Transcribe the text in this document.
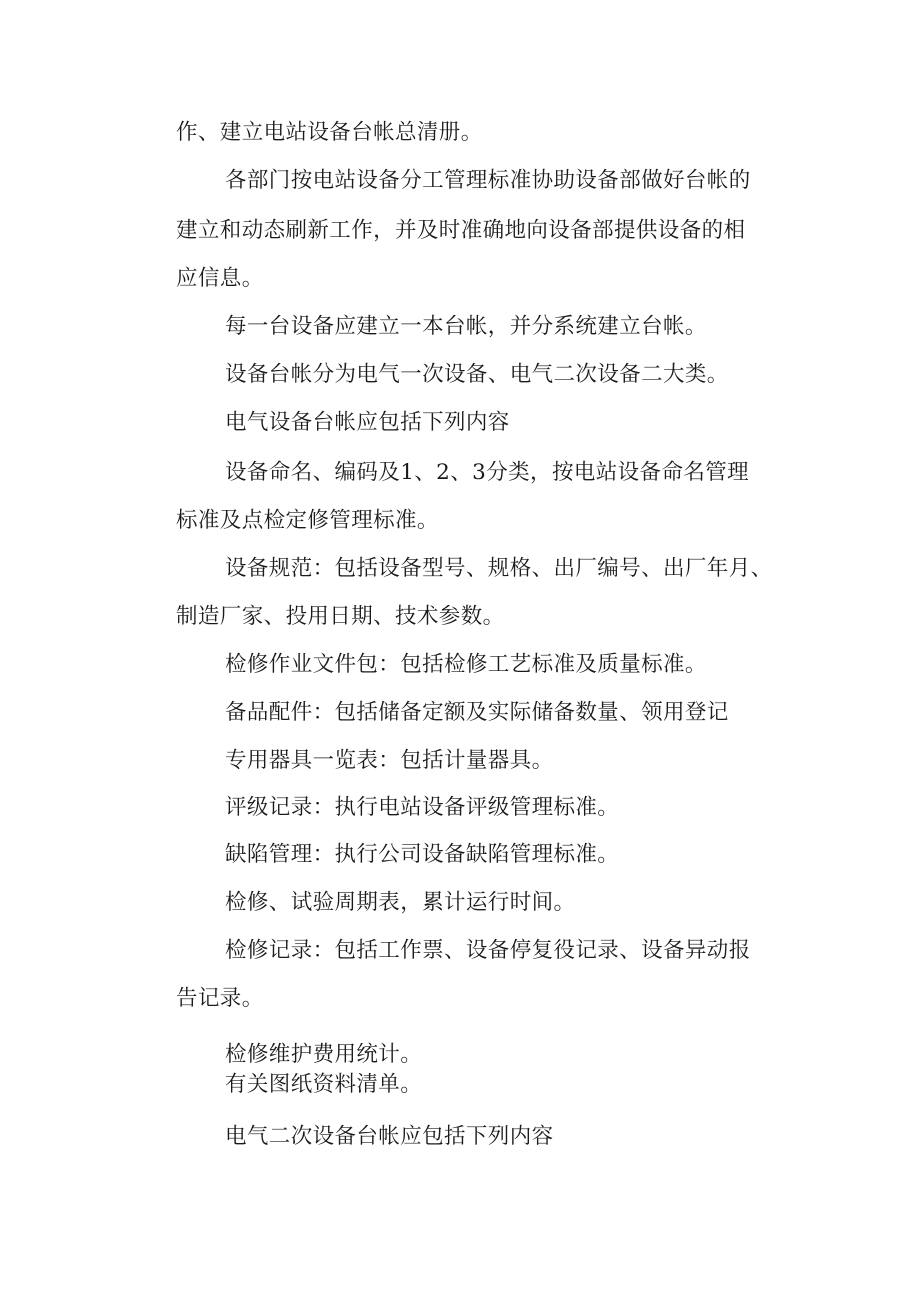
作、建立电站设备台帐总清册。
各部门按电站设备分工管理标准协助设备部做好台帐的
建立和动态刷新工作，并及时准确地向设备部提供设备的相
应信息。
每一台设备应建立一本台帐，并分系统建立台帐。
设备台帐分为电气一次设备、电气二次设备二大类。
电气设备台帐应包括下列内容
设备命名、编码及1、2、3分类，按电站设备命名管理
标准及点检定修管理标准。
设备规范：包括设备型号、规格、出厂编号、出厂年月、
制造厂家、投用日期、技术参数。
检修作业文件包：包括检修工艺标准及质量标准。
备品配件：包括储备定额及实际储备数量、领用登记
专用器具一览表：包括计量器具。
评级记录：执行电站设备评级管理标准。
缺陷管理：执行公司设备缺陷管理标准。
检修、试验周期表，累计运行时间。
检修记录：包括工作票、设备停复役记录、设备异动报
告记录。
检修维护费用统计。
有关图纸资料清单。
电气二次设备台帐应包括下列内容
